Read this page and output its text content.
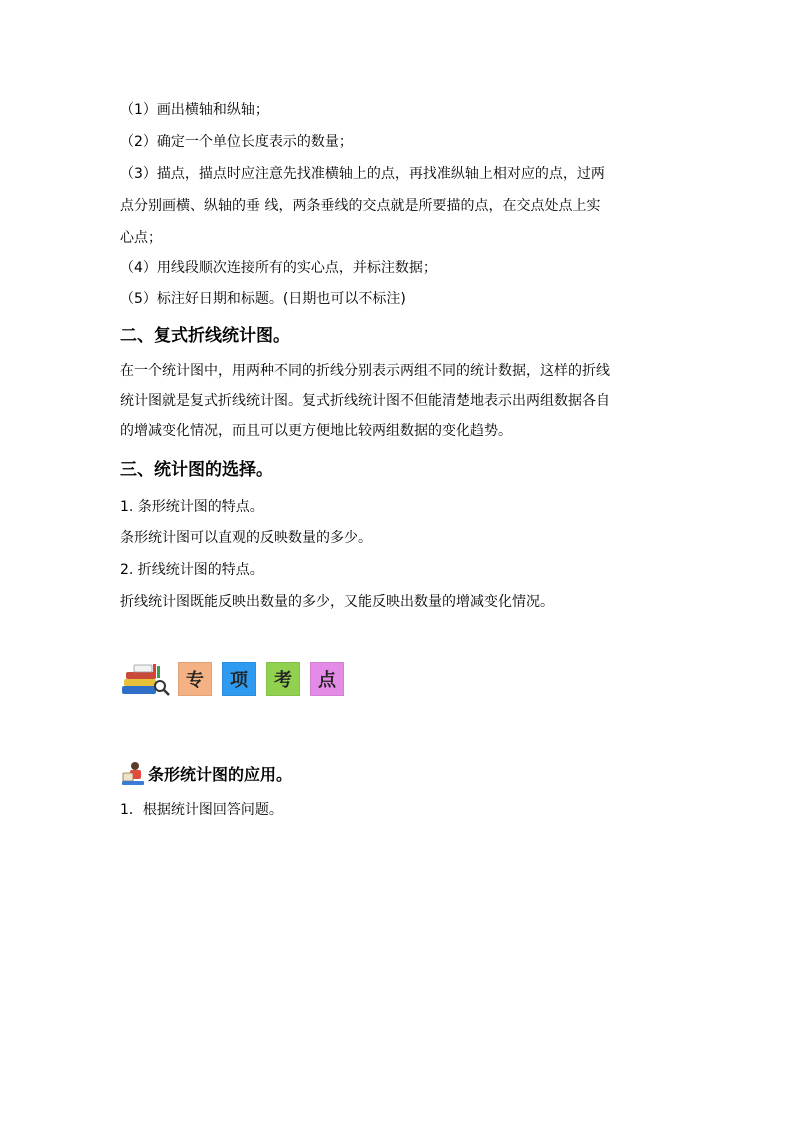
（1）画出横轴和纵轴；
（2）确定一个单位长度表示的数量；
（3）描点，描点时应注意先找准横轴上的点，再找准纵轴上相对应的点，过两
点分别画横、纵轴的垂 线，两条垂线的交点就是所要描的点，在交点处点上实
心点；
（4）用线段顺次连接所有的实心点，并标注数据；
（5）标注好日期和标题。(日期也可以不标注)
二、复式折线统计图。
在一个统计图中，用两种不同的折线分别表示两组不同的统计数据，这样的折线
统计图就是复式折线统计图。复式折线统计图不但能清楚地表示出两组数据各自
的增减变化情况，而且可以更方便地比较两组数据的变化趋势。
三、统计图的选择。
1. 条形统计图的特点。
条形统计图可以直观的反映数量的多少。
2. 折线统计图的特点。
折线统计图既能反映出数量的多少，又能反映出数量的增减变化情况。
专	项	考	点
条形统计图的应用。
1．根据统计图回答问题。
